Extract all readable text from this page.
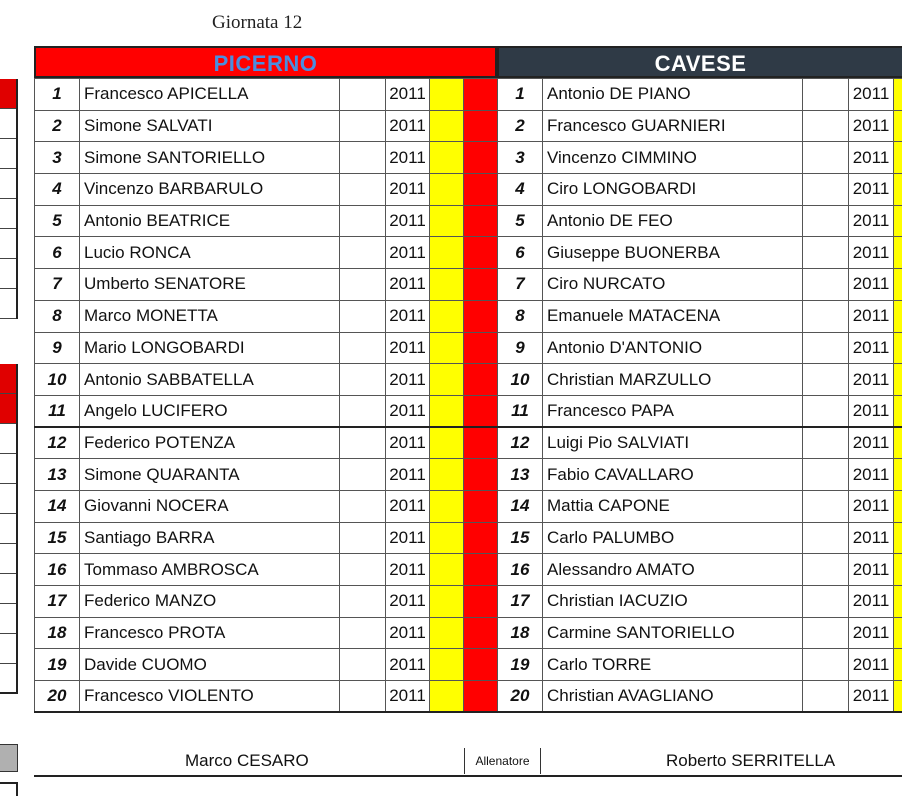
Giornata 12
PICERNO
1	Francesco APICELLA		2011		
2	Simone SALVATI		2011		
3	Simone SANTORIELLO		2011		
4	Vincenzo BARBARULO		2011		
5	Antonio BEATRICE		2011		
6	Lucio RONCA		2011		
7	Umberto SENATORE		2011		
8	Marco MONETTA		2011		
9	Mario LONGOBARDI		2011		
10	Antonio SABBATELLA		2011		
11	Angelo LUCIFERO		2011		
12	Federico POTENZA		2011		
13	Simone QUARANTA		2011		
14	Giovanni NOCERA		2011		
15	Santiago BARRA		2011		
16	Tommaso AMBROSCA		2011		
17	Federico MANZO		2011		
18	Francesco PROTA		2011		
19	Davide CUOMO		2011		
20	Francesco VIOLENTO		2011		
CAVESE
1	Antonio DE PIANO		2011	
2	Francesco GUARNIERI		2011	
3	Vincenzo CIMMINO		2011	
4	Ciro LONGOBARDI		2011	
5	Antonio DE FEO		2011	
6	Giuseppe BUONERBA		2011	
7	Ciro NURCATO		2011	
8	Emanuele MATACENA		2011	
9	Antonio D'ANTONIO		2011	
10	Christian MARZULLO		2011	
11	Francesco PAPA		2011	
12	Luigi Pio SALVIATI		2011	
13	Fabio CAVALLARO		2011	
14	Mattia CAPONE		2011	
15	Carlo PALUMBO		2011	
16	Alessandro AMATO		2011	
17	Christian IACUZIO		2011	
18	Carmine SANTORIELLO		2011	
19	Carlo TORRE		2011	
20	Christian AVAGLIANO		2011	
Marco CESARO	Allenatore	Roberto SERRITELLA
